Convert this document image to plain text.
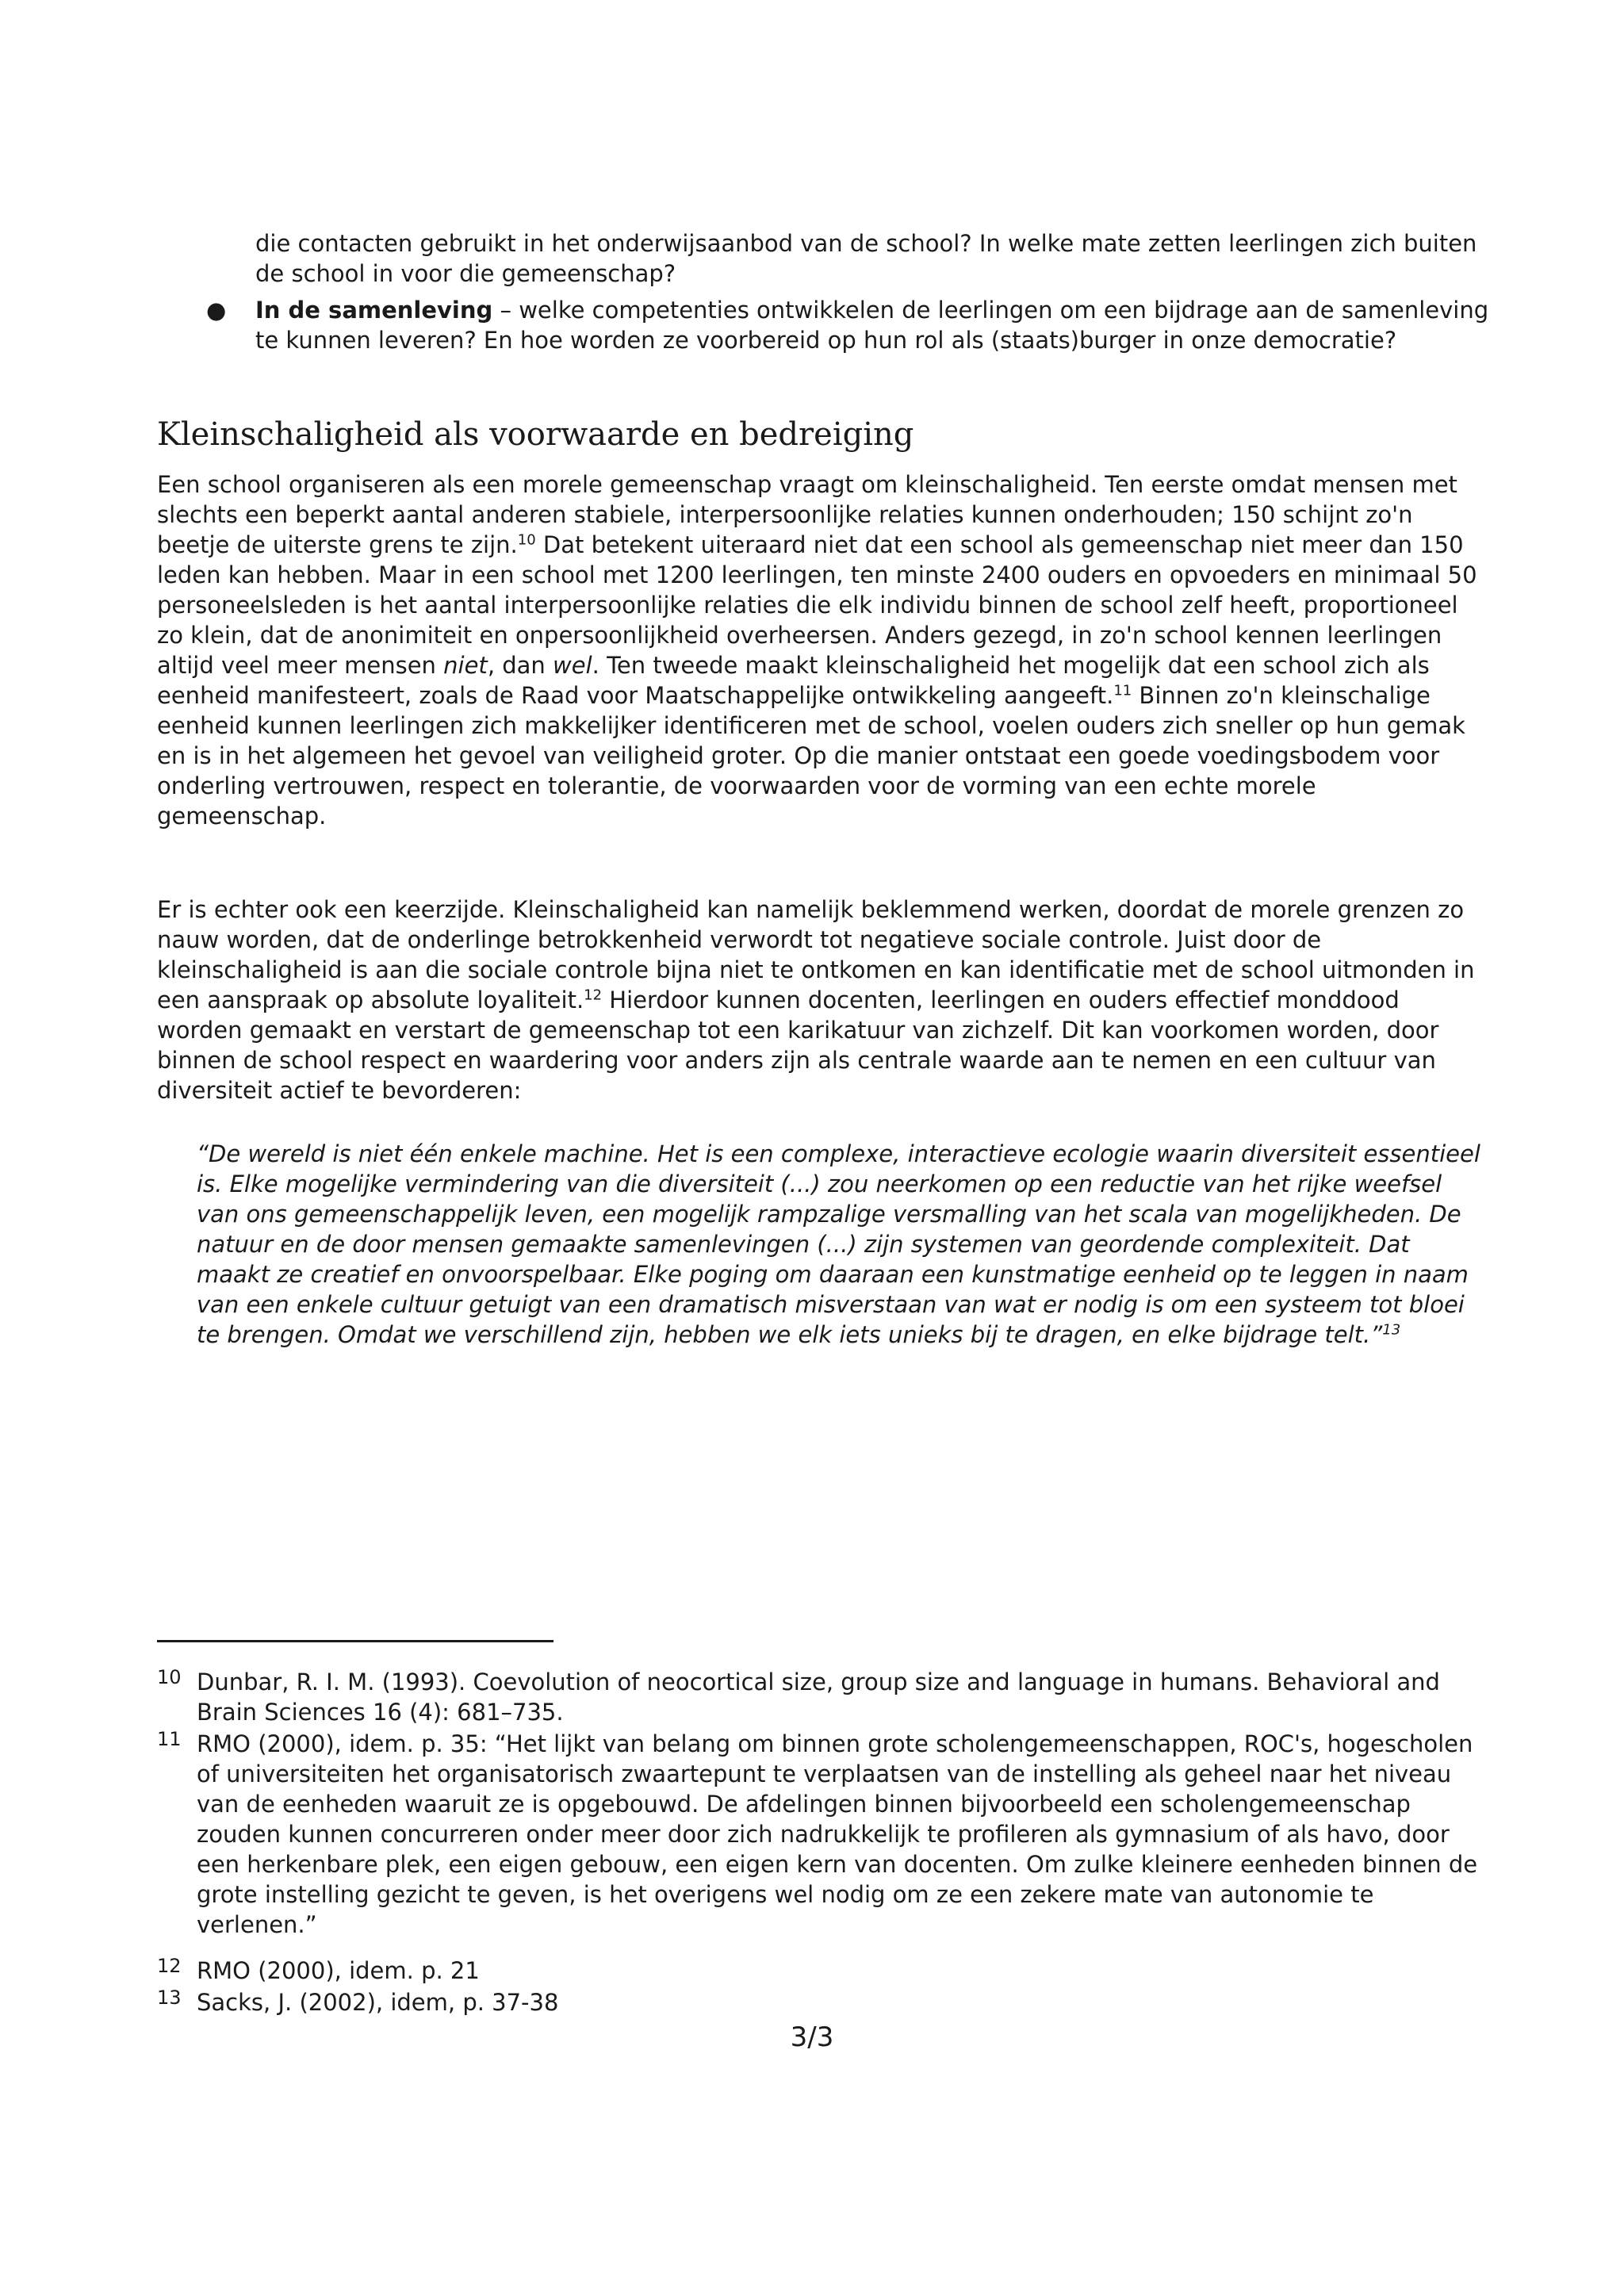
die contacten gebruikt in het onderwijsaanbod van de school? In welke mate zetten leerlingen zich buiten de school in voor die gemeenschap?
●	In de samenleving – welke competenties ontwikkelen de leerlingen om een bijdrage aan de samenleving te kunnen leveren? En hoe worden ze voorbereid op hun rol als (staats)burger in onze democratie?
Kleinschaligheid als voorwaarde en bedreiging
Een school organiseren als een morele gemeenschap vraagt om kleinschaligheid. Ten eerste omdat mensen met slechts een beperkt aantal anderen stabiele, interpersoonlijke relaties kunnen onderhouden; 150 schijnt zo'n beetje de uiterste grens te zijn.$^{10}$ Dat betekent uiteraard niet dat een school als gemeenschap niet meer dan 150 leden kan hebben. Maar in een school met 1200 leerlingen, ten minste 2400 ouders en opvoeders en minimaal 50 personeelsleden is het aantal interpersoonlijke relaties die elk individu binnen de school zelf heeft, proportioneel zo klein, dat de anonimiteit en onpersoonlijkheid overheersen. Anders gezegd, in zo'n school kennen leerlingen altijd veel meer mensen niet, dan wel. Ten tweede maakt kleinschaligheid het mogelijk dat een school zich als eenheid manifesteert, zoals de Raad voor Maatschappelijke ontwikkeling aangeeft.$^{11}$ Binnen zo'n kleinschalige eenheid kunnen leerlingen zich makkelijker identificeren met de school, voelen ouders zich sneller op hun gemak en is in het algemeen het gevoel van veiligheid groter. Op die manier ontstaat een goede voedingsbodem voor onderling vertrouwen, respect en tolerantie, de voorwaarden voor de vorming van een echte morele gemeenschap.
Er is echter ook een keerzijde. Kleinschaligheid kan namelijk beklemmend werken, doordat de morele grenzen zo nauw worden, dat de onderlinge betrokkenheid verwordt tot negatieve sociale controle. Juist door de kleinschaligheid is aan die sociale controle bijna niet te ontkomen en kan identificatie met de school uitmonden in een aanspraak op absolute loyaliteit.$^{12}$ Hierdoor kunnen docenten, leerlingen en ouders effectief monddood worden gemaakt en verstart de gemeenschap tot een karikatuur van zichzelf. Dit kan voorkomen worden, door binnen de school respect en waardering voor anders zijn als centrale waarde aan te nemen en een cultuur van diversiteit actief te bevorderen:
“De wereld is niet één enkele machine. Het is een complexe, interactieve ecologie waarin diversiteit essentieel is. Elke mogelijke vermindering van die diversiteit (...) zou neerkomen op een reductie van het rijke weefsel van ons gemeenschappelijk leven, een mogelijk rampzalige versmalling van het scala van mogelijkheden. De natuur en de door mensen gemaakte samenlevingen (...) zijn systemen van geordende complexiteit. Dat maakt ze creatief en onvoorspelbaar. Elke poging om daaraan een kunstmatige eenheid op te leggen in naam van een enkele cultuur getuigt van een dramatisch misverstaan van wat er nodig is om een systeem tot bloei te brengen. Omdat we verschillend zijn, hebben we elk iets unieks bij te dragen, en elke bijdrage telt.”$^{13}$
10 Dunbar, R. I. M. (1993). Coevolution of neocortical size, group size and language in humans. Behavioral and Brain Sciences 16 (4): 681–735.
11 RMO (2000), idem. p. 35: “Het lijkt van belang om binnen grote scholengemeenschappen, ROC's, hogescholen of universiteiten het organisatorisch zwaartepunt te verplaatsen van de instelling als geheel naar het niveau van de eenheden waaruit ze is opgebouwd. De afdelingen binnen bijvoorbeeld een scholengemeenschap zouden kunnen concurreren onder meer door zich nadrukkelijk te profileren als gymnasium of als havo, door een herkenbare plek, een eigen gebouw, een eigen kern van docenten. Om zulke kleinere eenheden binnen de grote instelling gezicht te geven, is het overigens wel nodig om ze een zekere mate van autonomie te verlenen.”
12 RMO (2000), idem. p. 21
13 Sacks, J. (2002), idem, p. 37-38
3/3
